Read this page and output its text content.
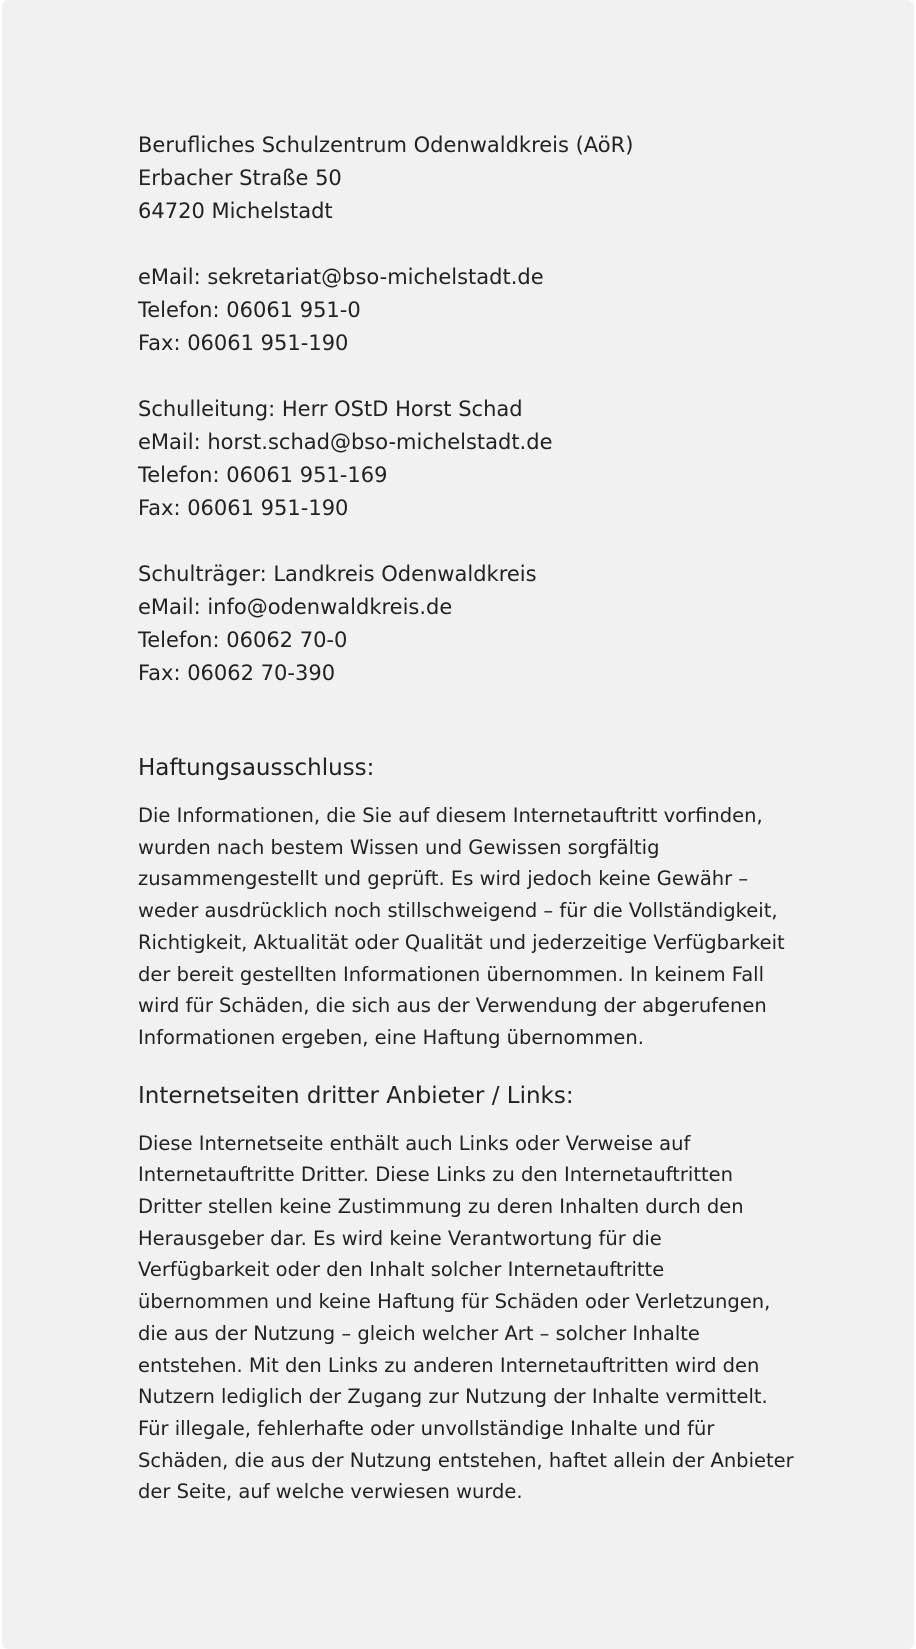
Berufliches Schulzentrum Odenwaldkreis (AöR)
Erbacher Straße 50
64720 Michelstadt
eMail: sekretariat@bso-michelstadt.de
Telefon: 06061 951-0
Fax: 06061 951-190
Schulleitung: Herr OStD Horst Schad
eMail: horst.schad@bso-michelstadt.de
Telefon: 06061 951-169
Fax: 06061 951-190
Schulträger: Landkreis Odenwaldkreis
eMail: info@odenwaldkreis.de
Telefon: 06062 70-0
Fax: 06062 70-390
Haftungsausschluss:

Die Informationen, die Sie auf diesem Internetauftritt vorfinden, wurden nach bestem Wissen und Gewissen sorgfältig zusammengestellt und geprüft. Es wird jedoch keine Gewähr – weder ausdrücklich noch stillschweigend – für die Vollständigkeit, Richtigkeit, Aktualität oder Qualität und jederzeitige Verfügbarkeit der bereit gestellten Informationen übernommen. In keinem Fall wird für Schäden, die sich aus der Verwendung der abgerufenen Informationen ergeben, eine Haftung übernommen.

Internetseiten dritter Anbieter / Links:

Diese Internetseite enthält auch Links oder Verweise auf Internetauftritte Dritter. Diese Links zu den Internetauftritten Dritter stellen keine Zustimmung zu deren Inhalten durch den Herausgeber dar. Es wird keine Verantwortung für die Verfügbarkeit oder den Inhalt solcher Internetauftritte übernommen und keine Haftung für Schäden oder Verletzungen, die aus der Nutzung – gleich welcher Art – solcher Inhalte entstehen. Mit den Links zu anderen Internetauftritten wird den Nutzern lediglich der Zugang zur Nutzung der Inhalte vermittelt. Für illegale, fehlerhafte oder unvollständige Inhalte und für Schäden, die aus der Nutzung entstehen, haftet allein der Anbieter der Seite, auf welche verwiesen wurde.
